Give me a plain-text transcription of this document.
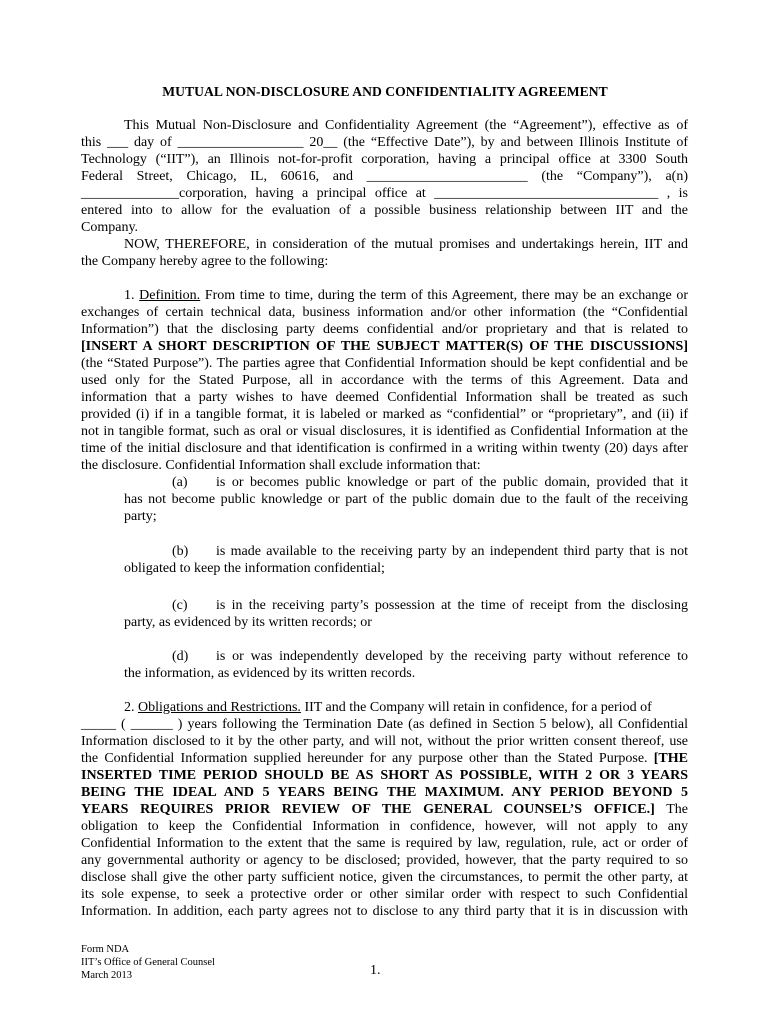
MUTUAL NON-DISCLOSURE AND CONFIDENTIALITY AGREEMENT
This Mutual Non-Disclosure and Confidentiality Agreement (the “Agreement”), effective as of
this ___ day of __________________ 20__ (the “Effective Date”), by and between Illinois Institute of
Technology (“IIT”), an Illinois not-for-profit corporation, having a principal office at 3300 South
Federal Street, Chicago, IL, 60616, and _______________________ (the “Company”), a(n)
______________corporation, having a principal office at ________________________________ , is
entered into to allow for the evaluation of a possible business relationship between IIT and the
Company.
NOW, THEREFORE, in consideration of the mutual promises and undertakings herein, IIT and
the Company hereby agree to the following:
1. Definition. From time to time, during the term of this Agreement, there may be an exchange or
exchanges of certain technical data, business information and/or other information (the “Confidential
Information”) that the disclosing party deems confidential and/or proprietary and that is related to
[INSERT A SHORT DESCRIPTION OF THE SUBJECT MATTER(S) OF THE DISCUSSIONS]
(the “Stated Purpose”). The parties agree that Confidential Information should be kept confidential and be
used only for the Stated Purpose, all in accordance with the terms of this Agreement. Data and
information that a party wishes to have deemed Confidential Information shall be treated as such
provided (i) if in a tangible format, it is labeled or marked as “confidential” or “proprietary”, and (ii) if
not in tangible format, such as oral or visual disclosures, it is identified as Confidential Information at the
time of the initial disclosure and that identification is confirmed in a writing within twenty (20) days after
the disclosure. Confidential Information shall exclude information that:
(a) is or becomes public knowledge or part of the public domain, provided that it
has not become public knowledge or part of the public domain due to the fault of the receiving
party;
(b) is made available to the receiving party by an independent third party that is not
obligated to keep the information confidential;
(c) is in the receiving party’s possession at the time of receipt from the disclosing
party, as evidenced by its written records; or
(d) is or was independently developed by the receiving party without reference to
the information, as evidenced by its written records.
2. Obligations and Restrictions. IIT and the Company will retain in confidence, for a period of
_____ ( ______ ) years following the Termination Date (as defined in Section 5 below), all Confidential
Information disclosed to it by the other party, and will not, without the prior written consent thereof, use
the Confidential Information supplied hereunder for any purpose other than the Stated Purpose. [THE
INSERTED TIME PERIOD SHOULD BE AS SHORT AS POSSIBLE, WITH 2 OR 3 YEARS
BEING THE IDEAL AND 5 YEARS BEING THE MAXIMUM. ANY PERIOD BEYOND 5
YEARS REQUIRES PRIOR REVIEW OF THE GENERAL COUNSEL’S OFFICE.] The
obligation to keep the Confidential Information in confidence, however, will not apply to any
Confidential Information to the extent that the same is required by law, regulation, rule, act or order of
any governmental authority or agency to be disclosed; provided, however, that the party required to so
disclose shall give the other party sufficient notice, given the circumstances, to permit the other party, at
its sole expense, to seek a protective order or other similar order with respect to such Confidential
Information. In addition, each party agrees not to disclose to any third party that it is in discussion with
Form NDA
IIT’s Office of General Counsel
March 2013	1.
